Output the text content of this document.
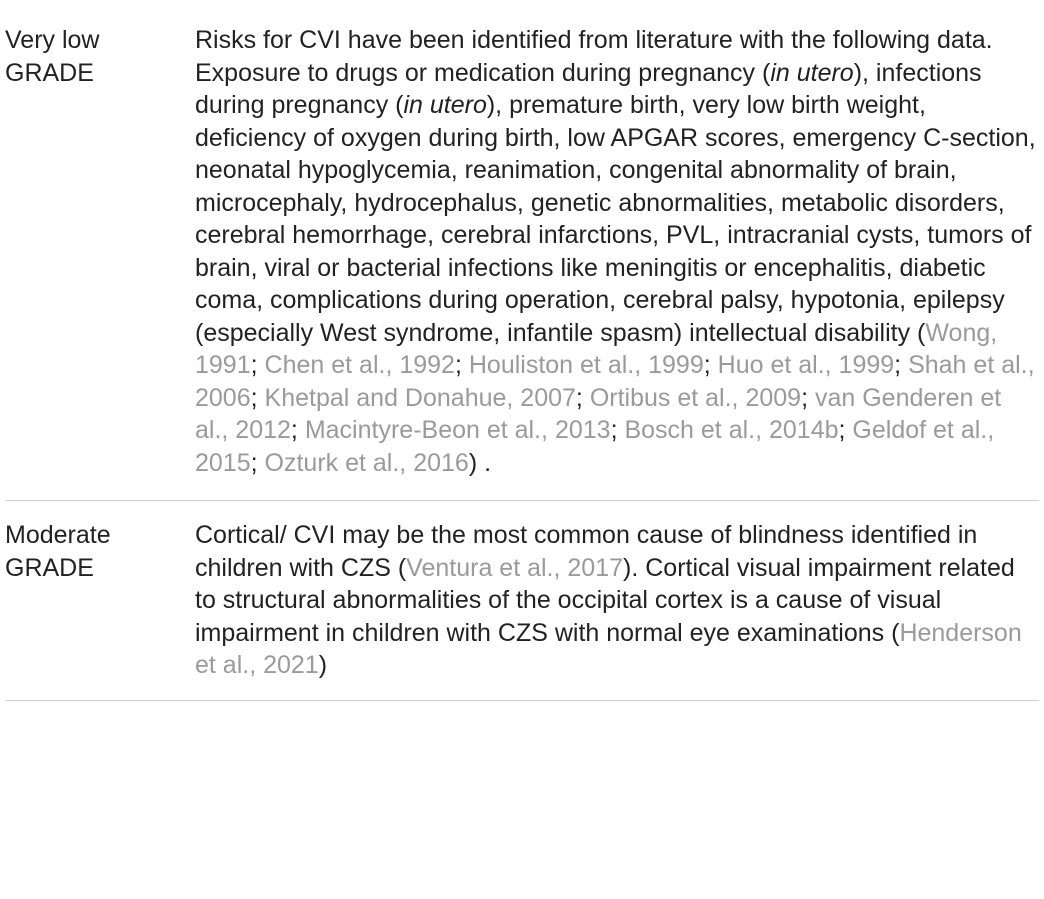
Very low
GRADE

Risks for CVI have been identified from literature with the following data.

Exposure to drugs or medication during pregnancy (in utero), infections during pregnancy (in utero), premature birth, very low birth weight, deficiency of oxygen during birth, low APGAR scores, emergency C-section, neonatal hypoglycemia, reanimation, congenital abnormality of brain, microcephaly, hydrocephalus, genetic abnormalities, metabolic disorders, cerebral hemorrhage, cerebral infarctions, PVL, intracranial cysts, tumors of brain, viral or bacterial infections like meningitis or encephalitis, diabetic coma, complications during operation, cerebral palsy, hypotonia, epilepsy (especially West syndrome, infantile spasm) intellectual disability (Wong, 1991; Chen et al., 1992; Houliston et al., 1999; Huo et al., 1999; Shah et al., 2006; Khetpal and Donahue, 2007; Ortibus et al., 2009; van Genderen et al., 2012; Macintyre-Beon et al., 2013; Bosch et al., 2014b; Geldof et al., 2015; Ozturk et al., 2016) .

Moderate
GRADE

Cortical/ CVI may be the most common cause of blindness identified in children with CZS (Ventura et al., 2017). Cortical visual impairment related to structural abnormalities of the occipital cortex is a cause of visual impairment in children with CZS with normal eye examinations (Henderson et al., 2021)
